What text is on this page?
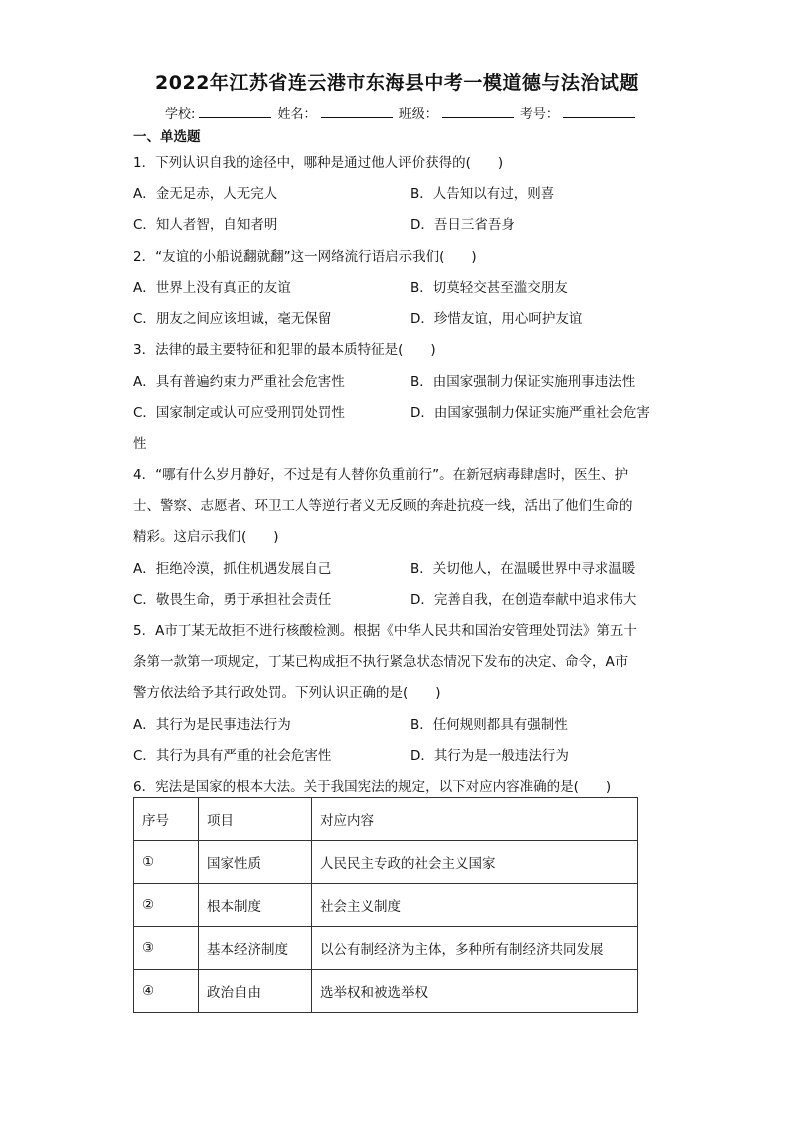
2022年江苏省连云港市东海县中考一模道德与法治试题
学校:	姓名：	班级：	考号：
一、单选题
1．下列认识自我的途径中，哪种是通过他人评价获得的(　　)
A．金无足赤，人无完人	B．人告知以有过，则喜
C．知人者智，自知者明	D．吾日三省吾身
2．“友谊的小船说翻就翻”这一网络流行语启示我们(　　)
A．世界上没有真正的友谊	B．切莫轻交甚至滥交朋友
C．朋友之间应该坦诚，毫无保留	D．珍惜友谊，用心呵护友谊
3．法律的最主要特征和犯罪的最本质特征是(　　)
A．具有普遍约束力严重社会危害性	B．由国家强制力保证实施刑事违法性
C．国家制定或认可应受刑罚处罚性	D．由国家强制力保证实施严重社会危害
性
4．“哪有什么岁月静好，不过是有人替你负重前行”。在新冠病毒肆虐时，医生、护
士、警察、志愿者、环卫工人等逆行者义无反顾的奔赴抗疫一线，活出了他们生命的
精彩。这启示我们(　　)
A．拒绝冷漠，抓住机遇发展自己	B．关切他人，在温暖世界中寻求温暖
C．敬畏生命，勇于承担社会责任	D．完善自我，在创造奉献中追求伟大
5．A市丁某无故拒不进行核酸检测。根据《中华人民共和国治安管理处罚法》第五十
条第一款第一项规定，丁某已构成拒不执行紧急状态情况下发布的决定、命令，A市
警方依法给予其行政处罚。下列认识正确的是(　　)
A．其行为是民事违法行为	B．任何规则都具有强制性
C．其行为具有严重的社会危害性	D．其行为是一般违法行为
6．宪法是国家的根本大法。关于我国宪法的规定，以下对应内容准确的是(　　)
序号	项目	对应内容
①	国家性质	人民民主专政的社会主义国家
②	根本制度	社会主义制度
③	基本经济制度	以公有制经济为主体，多种所有制经济共同发展
④	政治自由	选举权和被选举权
